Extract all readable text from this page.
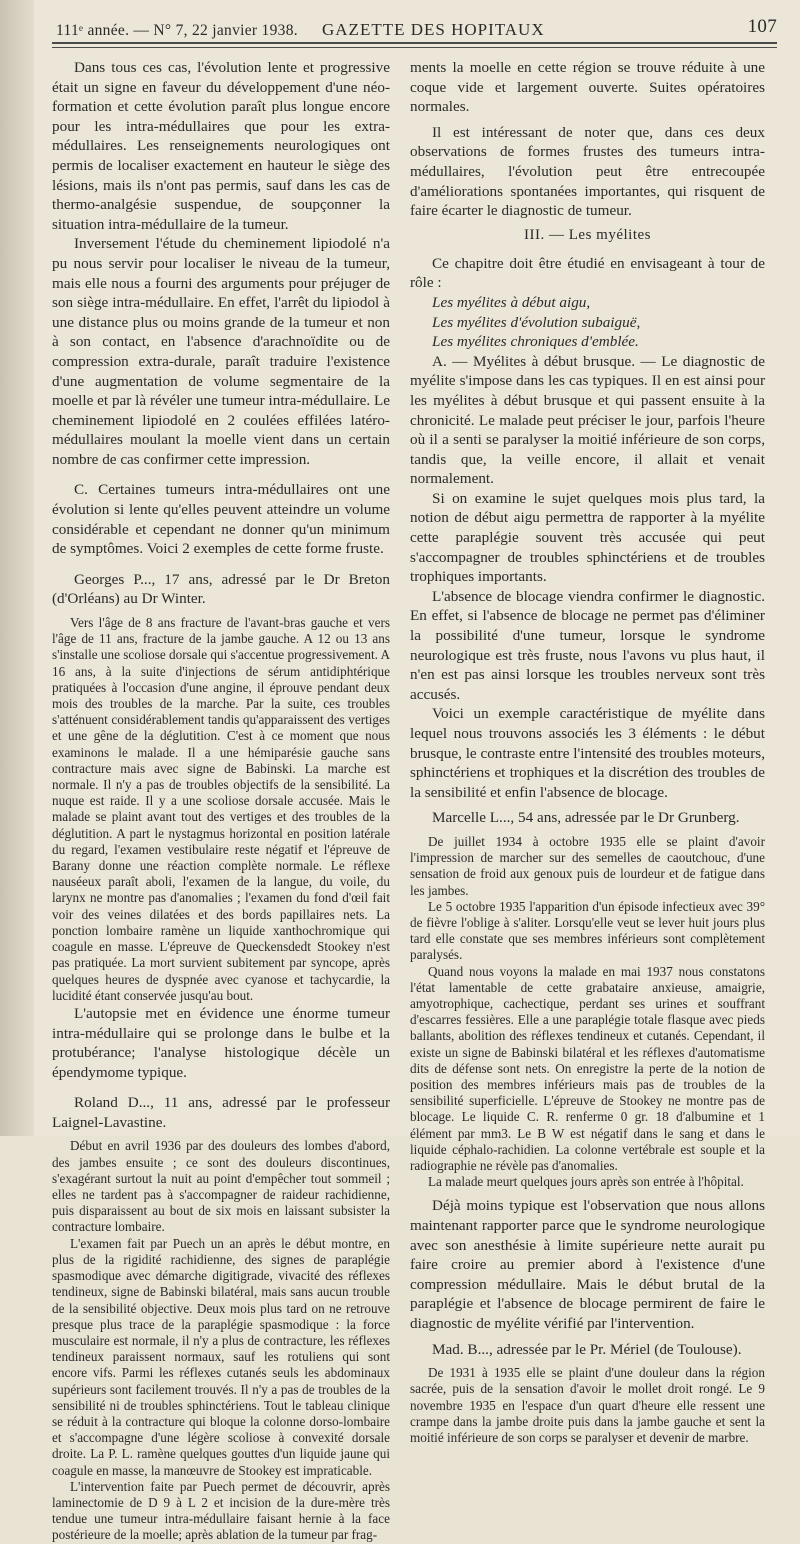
111ᵉ année. — N° 7, 22 janvier 1938. GAZETTE DES HOPITAUX	107

Dans tous ces cas, l'évolution lente et progressive était un signe en faveur du développement d'une néo-formation et cette évolution paraît plus longue encore pour les intra-médullaires que pour les extra-médullaires. Les renseignements neurologiques ont permis de localiser exactement en hauteur le siège des lésions, mais ils n'ont pas permis, sauf dans les cas de thermo-analgésie suspendue, de soupçonner la situation intra-médullaire de la tumeur.

Inversement l'étude du cheminement lipiodolé n'a pu nous servir pour localiser le niveau de la tumeur, mais elle nous a fourni des arguments pour préjuger de son siège intra-médullaire. En effet, l'arrêt du lipiodol à une distance plus ou moins grande de la tumeur et non à son contact, en l'absence d'arachnoïdite ou de compression extra-durale, paraît traduire l'existence d'une augmentation de volume segmentaire de la moelle et par là révéler une tumeur intra-médullaire. Le cheminement lipiodolé en 2 coulées effilées latéro-médullaires moulant la moelle vient dans un certain nombre de cas confirmer cette impression.

C. Certaines tumeurs intra-médullaires ont une évolution si lente qu'elles peuvent atteindre un volume considérable et cependant ne donner qu'un minimum de symptômes. Voici 2 exemples de cette forme fruste.

Georges P..., 17 ans, adressé par le Dr Breton (d'Orléans) au Dr Winter.

Vers l'âge de 8 ans fracture de l'avant-bras gauche et vers l'âge de 11 ans, fracture de la jambe gauche. A 12 ou 13 ans s'installe une scoliose dorsale qui s'accentue progressivement. A 16 ans, à la suite d'injections de sérum antidiphtérique pratiquées à l'occasion d'une angine, il éprouve pendant deux mois des troubles de la marche. Par la suite, ces troubles s'atténuent considérablement tandis qu'apparaissent des vertiges et une gêne de la déglutition. C'est à ce moment que nous examinons le malade. Il a une hémiparésie gauche sans contracture mais avec signe de Babinski. La marche est normale. Il n'y a pas de troubles objectifs de la sensibilité. La nuque est raide. Il y a une scoliose dorsale accusée. Mais le malade se plaint avant tout des vertiges et des troubles de la déglutition. A part le nystagmus horizontal en position latérale du regard, l'examen vestibulaire reste négatif et l'épreuve de Barany donne une réaction complète normale. Le réflexe nauséeux paraît aboli, l'examen de la langue, du voile, du larynx ne montre pas d'anomalies ; l'examen du fond d'œil fait voir des veines dilatées et des bords papillaires nets. La ponction lombaire ramène un liquide xanthochromique qui coagule en masse. L'épreuve de Queckensdedt Stookey n'est pas pratiquée. La mort survient subitement par syncope, après quelques heures de dyspnée avec cyanose et tachycardie, la lucidité étant conservée jusqu'au bout.

L'autopsie met en évidence une énorme tumeur intra-médullaire qui se prolonge dans le bulbe et la protubérance; l'analyse histologique décèle un épendymome typique.

Roland D..., 11 ans, adressé par le professeur Laignel-Lavastine.

Début en avril 1936 par des douleurs des lombes d'abord, des jambes ensuite ; ce sont des douleurs discontinues, s'exagérant surtout la nuit au point d'empêcher tout sommeil ; elles ne tardent pas à s'accompagner de raideur rachidienne, puis disparaissent au bout de six mois en laissant subsister la contracture lombaire.

L'examen fait par Puech un an après le début montre, en plus de la rigidité rachidienne, des signes de paraplégie spasmodique avec démarche digitigrade, vivacité des réflexes tendineux, signe de Babinski bilatéral, mais sans aucun trouble de la sensibilité objective. Deux mois plus tard on ne retrouve presque plus trace de la paraplégie spasmodique : la force musculaire est normale, il n'y a plus de contracture, les réflexes tendineux paraissent normaux, sauf les rotuliens qui sont encore vifs. Parmi les réflexes cutanés seuls les abdominaux supérieurs sont facilement trouvés. Il n'y a pas de troubles de la sensibilité ni de troubles sphinctériens. Tout le tableau clinique se réduit à la contracture qui bloque la colonne dorso-lombaire et s'accompagne d'une légère scoliose à convexité dorsale droite. La P. L. ramène quelques gouttes d'un liquide jaune qui coagule en masse, la manœuvre de Stookey est impraticable.

L'intervention faite par Puech permet de découvrir, après laminectomie de D 9 à L 2 et incision de la dure-mère très tendue une tumeur intra-médullaire faisant hernie à la face postérieure de la moelle; après ablation de la tumeur par frag-

ments la moelle en cette région se trouve réduite à une coque vide et largement ouverte. Suites opératoires normales.

Il est intéressant de noter que, dans ces deux observations de formes frustes des tumeurs intra-médullaires, l'évolution peut être entrecoupée d'améliorations spontanées importantes, qui risquent de faire écarter le diagnostic de tumeur.

III. — Les myélites

Ce chapitre doit être étudié en envisageant à tour de rôle :

Les myélites à début aigu,
Les myélites d'évolution subaiguë,
Les myélites chroniques d'emblée.

A. — Myélites à début brusque. — Le diagnostic de myélite s'impose dans les cas typiques. Il en est ainsi pour les myélites à début brusque et qui passent ensuite à la chronicité. Le malade peut préciser le jour, parfois l'heure où il a senti se paralyser la moitié inférieure de son corps, tandis que, la veille encore, il allait et venait normalement.

Si on examine le sujet quelques mois plus tard, la notion de début aigu permettra de rapporter à la myélite cette paraplégie souvent très accusée qui peut s'accompagner de troubles sphinctériens et de troubles trophiques importants.

L'absence de blocage viendra confirmer le diagnostic. En effet, si l'absence de blocage ne permet pas d'éliminer la possibilité d'une tumeur, lorsque le syndrome neurologique est très fruste, nous l'avons vu plus haut, il n'en est pas ainsi lorsque les troubles nerveux sont très accusés.

Voici un exemple caractéristique de myélite dans lequel nous trouvons associés les 3 éléments : le début brusque, le contraste entre l'intensité des troubles moteurs, sphinctériens et trophiques et la discrétion des troubles de la sensibilité et enfin l'absence de blocage.

Marcelle L..., 54 ans, adressée par le Dr Grunberg.

De juillet 1934 à octobre 1935 elle se plaint d'avoir l'impression de marcher sur des semelles de caoutchouc, d'une sensation de froid aux genoux puis de lourdeur et de fatigue dans les jambes.

Le 5 octobre 1935 l'apparition d'un épisode infectieux avec 39° de fièvre l'oblige à s'aliter. Lorsqu'elle veut se lever huit jours plus tard elle constate que ses membres inférieurs sont complètement paralysés.

Quand nous voyons la malade en mai 1937 nous constatons l'état lamentable de cette grabataire anxieuse, amaigrie, amyotrophique, cachectique, perdant ses urines et souffrant d'escarres fessières. Elle a une paraplégie totale flasque avec pieds ballants, abolition des réflexes tendineux et cutanés. Cependant, il existe un signe de Babinski bilatéral et les réflexes d'automatisme dits de défense sont nets. On enregistre la perte de la notion de position des membres inférieurs mais pas de troubles de la sensibilité superficielle. L'épreuve de Stookey ne montre pas de blocage. Le liquide C. R. renferme 0 gr. 18 d'albumine et 1 élément par mm3. Le B W est négatif dans le sang et dans le liquide céphalo-rachidien. La colonne vertébrale est souple et la radiographie ne révèle pas d'anomalies.

La malade meurt quelques jours après son entrée à l'hôpital.

Déjà moins typique est l'observation que nous allons maintenant rapporter parce que le syndrome neurologique avec son anesthésie à limite supérieure nette aurait pu faire croire au premier abord à l'existence d'une compression médullaire. Mais le début brutal de la paraplégie et l'absence de blocage permirent de faire le diagnostic de myélite vérifié par l'intervention.

Mad. B..., adressée par le Pr. Mériel (de Toulouse).

De 1931 à 1935 elle se plaint d'une douleur dans la région sacrée, puis de la sensation d'avoir le mollet droit rongé. Le 9 novembre 1935 en l'espace d'un quart d'heure elle ressent une crampe dans la jambe droite puis dans la jambe gauche et sent la moitié inférieure de son corps se paralyser et devenir de marbre.
